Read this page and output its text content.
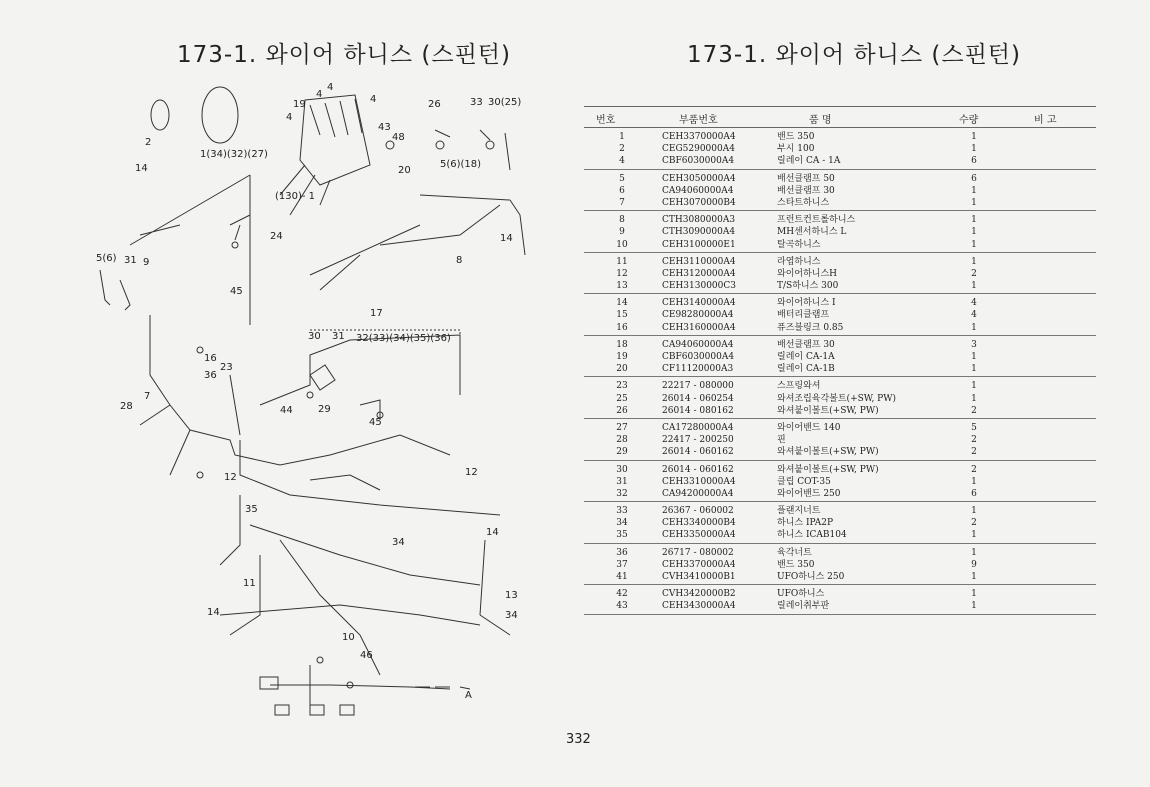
173-1. 와이어 하니스 (스핀턴)	173-1. 와이어 하니스 (스핀턴)
2
1(34)(32)(27)
19
4
4
4
4
43
48
20
26	33 30(25)
5(6)(18)
(130)- 1
14
24
8
14
5(6) 31 9
45
17
30 31 32(33)(34)(35)(36)
16
36
23
28
7
44	29
45
12	12
35
34
14
11
13
34
14
10
46
A
번호	부품번호	품 명	수량	비 고
1	CEH3370000A4	밴드 350	1
2	CEG5290000A4	부시 100	1
4	CBF6030000A4	릴레이 CA - 1A	6
5	CEH3050000A4	배선클램프 50	6
6	CA94060000A4	배선클램프 30	1
7	CEH3070000B4	스타트하니스	1
8	CTH3080000A3	프런트컨트롤하니스	1
9	CTH3090000A4	MH센서하니스 L	1
10	CEH3100000E1	탈곡하니스	1
11	CEH3110000A4	라엽하니스	1
12	CEH3120000A4	와이어하니스H	2
13	CEH3130000C3	T/S하니스 300	1
14	CEH3140000A4	와이어하니스 I	4
15	CE98280000A4	배터리클램프	4
16	CEH3160000A4	퓨즈블링크 0.85	1
18	CA94060000A4	배선클램프 30	3
19	CBF6030000A4	릴레이 CA-1A	1
20	CF11120000A3	릴레이 CA-1B	1
23	22217 - 080000	스프링와셔	1
25	26014 - 060254	와셔조립육각볼트(+SW, PW)	1
26	26014 - 080162	와셔붙이볼트(+SW, PW)	2
27	CA17280000A4	와이어밴드 140	5
28	22417 - 200250	핀	2
29	26014 - 060162	와셔붙이볼트(+SW, PW)	2
30	26014 - 060162	와셔붙이볼트(+SW, PW)	2
31	CEH3310000A4	클립 COT-35	1
32	CA94200000A4	와이어밴드 250	6
33	26367 - 060002	플랜지너트	1
34	CEH3340000B4	하니스 IPA2P	2
35	CEH3350000A4	하니스 ICAB104	1
36	26717 - 080002	육각너트	1
37	CEH3370000A4	밴드 350	9
41	CVH3410000B1	UFO하니스 250	1
42	CVH3420000B2	UFO하니스	1
43	CEH3430000A4	릴레이취부판	1
332
